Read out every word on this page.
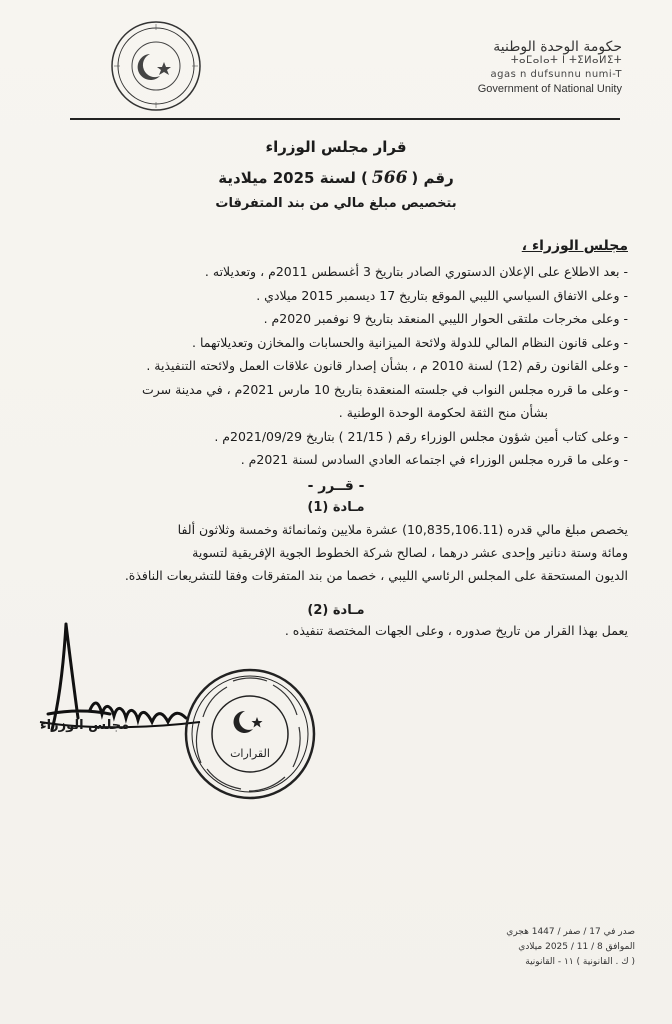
حكومة الوحدة الوطنية
ⵜⴰⵎⴰⵏⴰⵜ ⵏ ⵜⵉⵍⴰⵍⵉⵜ
agas n dufsunnu numi-T
Government of National Unity
قرار مجلس الوزراء
رقم (566) لسنة 2025 ميلادية
بتخصيص مبلغ مالي من بند المتفرقات
مجلس الوزراء ،
- بعد الاطلاع على الإعلان الدستوري الصادر بتاريخ 3 أغسطس 2011م ، وتعديلاته .
- وعلى الاتفاق السياسي الليبي الموقع بتاريخ 17 ديسمبر 2015 ميلادي .
- وعلى مخرجات ملتقى الحوار الليبي المنعقد بتاريخ 9 نوفمبر 2020م .
- وعلى قانون النظام المالي للدولة ولائحة الميزانية والحسابات والمخازن وتعديلاتهما .
- وعلى القانون رقم (12) لسنة 2010 م ، بشأن إصدار قانون علاقات العمل ولائحته التنفيذية .
- وعلى ما قرره مجلس النواب في جلسته المنعقدة بتاريخ 10 مارس 2021م ، في مدينة سرت
بشأن منح الثقة لحكومة الوحدة الوطنية .
- وعلى كتاب أمين شؤون مجلس الوزراء رقم ( 21/15 ) بتاريخ 2021/09/29م .
- وعلى ما قرره مجلس الوزراء في اجتماعه العادي السادس لسنة 2021م .
- قــرر -
مـادة (1)
يخصص مبلغ مالي قدره (10,835,106.11) عشرة ملايين وثمانمائة وخمسة وثلاثون ألفا
ومائة وستة دنانير وإحدى عشر درهما ، لصالح شركة الخطوط الجوية الإفريقية لتسوية
الديون المستحقة على المجلس الرئاسي الليبي ، خصما من بند المتفرقات وفقا للتشريعات النافذة.
مـادة (2)
يعمل بهذا القرار من تاريخ صدوره ، وعلى الجهات المختصة تنفيذه .
مجلس الوزراء
القرارات
صدر في 17 / صفر / 1447 هجري
الموافق 8 / 11 / 2025 ميلادي
( ك . القانونية ) ١١ - القانونية
